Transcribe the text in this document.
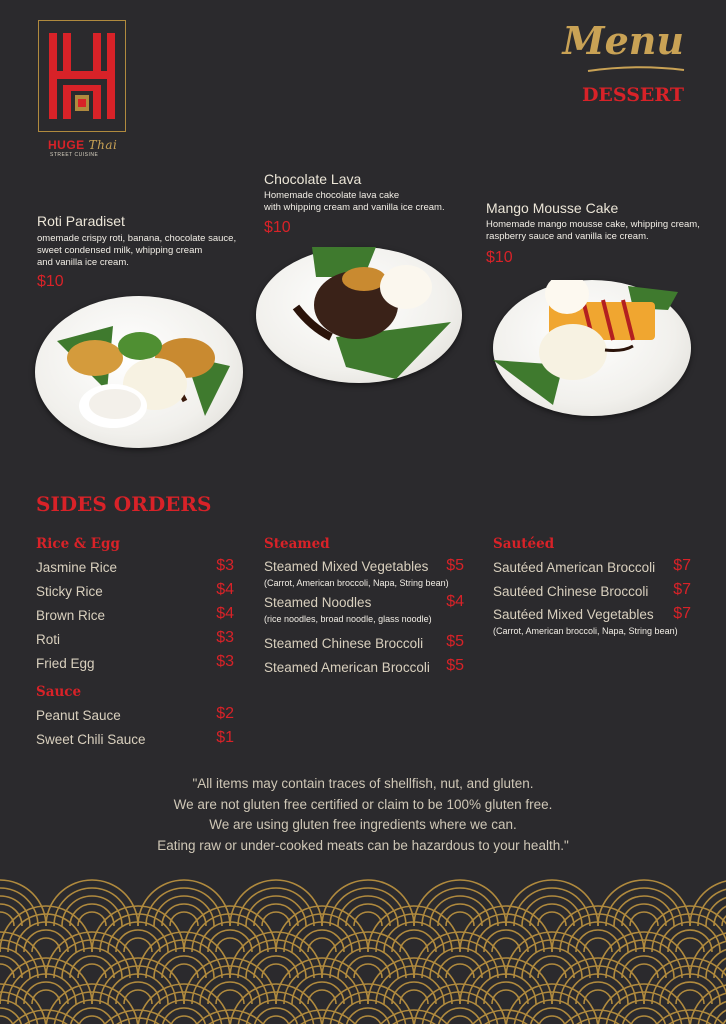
HUGE Thai
STREET CUISINE
Menu
DESSERT
Roti Paradiset
omemade crispy roti, banana, chocolate sauce,
sweet condensed milk, whipping cream
and vanilla ice cream.
$10
Chocolate Lava
Homemade chocolate lava cake
with whipping cream and vanilla ice cream.
$10
Mango Mousse Cake
Homemade mango mousse cake, whipping cream,
raspberry sauce and vanilla ice cream.
$10
SIDES ORDERS
Rice & Egg
Jasmine Rice	$3
Sticky Rice	$4
Brown Rice	$4
Roti	$3
Fried Egg	$3
Sauce
Peanut Sauce	$2
Sweet Chili Sauce	$1
Steamed
Steamed Mixed Vegetables	$5
(Carrot, American broccoli, Napa, String bean)
Steamed Noodles	$4
(rice noodles, broad noodle, glass noodle)
Steamed Chinese Broccoli $5
Steamed American Broccoli $5
Sautéed
Sautéed American Broccoli $7
Sautéed Chinese Broccoli $7
Sautéed Mixed Vegetables	$7
(Carrot, American broccoli, Napa, String bean)
"All items may contain traces of shellfish, nut, and gluten.
We are not gluten free certified or claim to be 100% gluten free.
We are using gluten free ingredients where we can.
Eating raw or under-cooked meats can be hazardous to your health."
